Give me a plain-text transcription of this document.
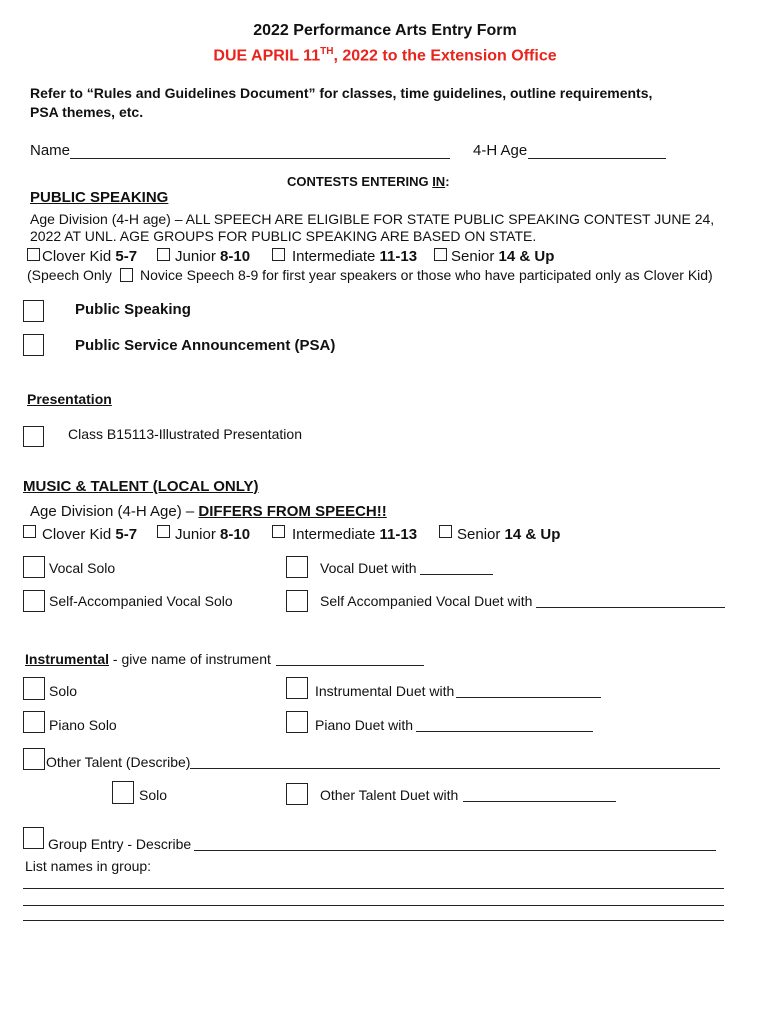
2022 Performance Arts Entry Form
DUE APRIL 11TH, 2022 to the Extension Office
Refer to “Rules and Guidelines Document” for classes, time guidelines, outline requirements,
PSA themes, etc.
Name	4-H Age
CONTESTS ENTERING IN:
PUBLIC SPEAKING
Age Division (4-H age) – ALL SPEECH ARE ELIGIBLE FOR STATE PUBLIC SPEAKING CONTEST JUNE 24,
2022 AT UNL. AGE GROUPS FOR PUBLIC SPEAKING ARE BASED ON STATE.
Clover Kid 5-7	Junior 8-10	Intermediate 11-13 Senior 14 & Up
(Speech Only Novice Speech 8-9 for first year speakers or those who have participated only as Clover Kid)
Public Speaking
Public Service Announcement (PSA)
Presentation
Class B15113-Illustrated Presentation
MUSIC & TALENT (LOCAL ONLY)
Age Division (4-H Age) – DIFFERS FROM SPEECH!!
Clover Kid 5-7	Junior 8-10	Intermediate 11-13	Senior 14 & Up
Vocal Solo	Vocal Duet with
Self-Accompanied Vocal Solo	Self Accompanied Vocal Duet with
Instrumental - give name of instrument
Solo	Instrumental Duet with
Piano Solo	Piano Duet with
Other Talent (Describe)
Solo	Other Talent Duet with
Group Entry - Describe
List names in group:
